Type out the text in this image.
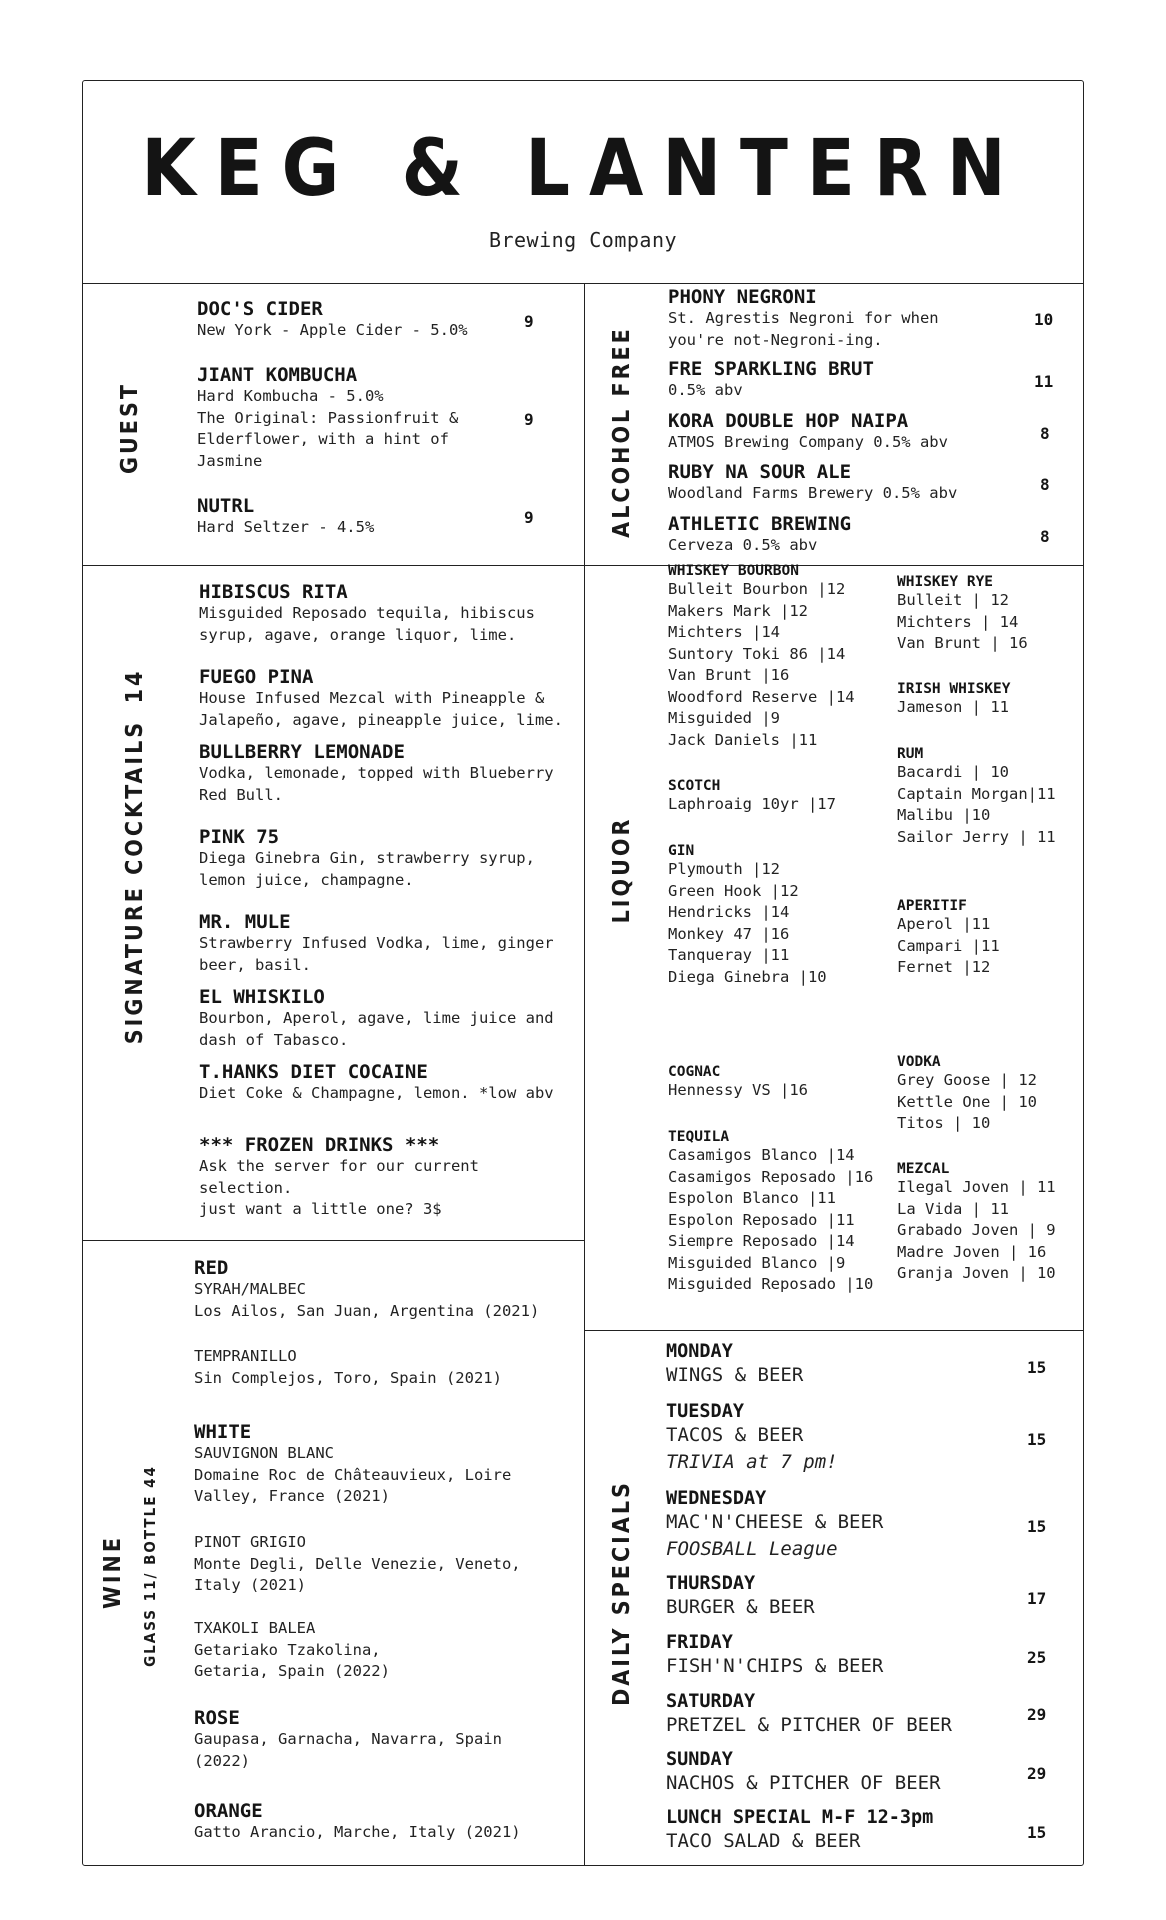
KEG & LANTERN
Brewing Company
GUEST
DOC'S CIDER
New York - Apple Cider - 5.0%	9
JIANT KOMBUCHA
Hard Kombucha - 5.0%
The Original: Passionfruit &
Elderflower, with a hint of
Jasmine
9
NUTRL
Hard Seltzer - 4.5%	9	ALCOHOL FREE
PHONY NEGRONI
St. Agrestis Negroni for when
you're not-Negroni-ing.
10
FRE SPARKLING BRUT
0.5% abv	11
KORA DOUBLE HOP NAIPA
ATMOS Brewing Company 0.5% abv	8
RUBY NA SOUR ALE
Woodland Farms Brewery 0.5% abv	8
ATHLETIC BREWING
Cerveza 0.5% abv	8
SIGNATURE COCKTAILS
14
HIBISCUS RITA
Misguided Reposado tequila, hibiscus
syrup, agave, orange liquor, lime.
FUEGO PINA
House Infused Mezcal with Pineapple &
Jalapeño, agave, pineapple juice, lime.
BULLBERRY LEMONADE
Vodka, lemonade, topped with Blueberry
Red Bull.
PINK 75
Diega Ginebra Gin, strawberry syrup,
lemon juice, champagne.
MR. MULE
Strawberry Infused Vodka, lime, ginger
beer, basil.
EL WHISKILO
Bourbon, Aperol, agave, lime juice and
dash of Tabasco.
T.HANKS DIET COCAINE
Diet Coke & Champagne, lemon. *low abv
*** FROZEN DRINKS ***
Ask the server for our current
selection.
just want a little one? 3$
LIQUOR
WHISKEY BOURBON
Bulleit Bourbon |12
Makers Mark |12
Michters |14
Suntory Toki 86 |14
Van Brunt |16
Woodford Reserve |14
Misguided |9
Jack Daniels |11
SCOTCH
Laphroaig 10yr |17
GIN
Plymouth |12
Green Hook |12
Hendricks |14
Monkey 47 |16
Tanqueray |11
Diega Ginebra |10
COGNAC
Hennessy VS |16
TEQUILA
Casamigos Blanco |14
Casamigos Reposado |16
Espolon Blanco |11
Espolon Reposado |11
Siempre Reposado |14
Misguided Blanco |9
Misguided Reposado |10
WHISKEY RYE
Bulleit | 12
Michters | 14
Van Brunt | 16
IRISH WHISKEY
Jameson | 11
RUM
Bacardi | 10
Captain Morgan|11
Malibu |10
Sailor Jerry | 11
APERITIF
Aperol |11
Campari |11
Fernet |12
VODKA
Grey Goose | 12
Kettle One | 10
Titos | 10
MEZCAL
Ilegal Joven | 11
La Vida | 11
Grabado Joven | 9
Madre Joven | 16
Granja Joven | 10
WINE GLASS 11/ BOTTLE 44
RED
SYRAH/MALBEC
Los Ailos, San Juan, Argentina (2021)
TEMPRANILLO
Sin Complejos, Toro, Spain (2021)
WHITE
SAUVIGNON BLANC
Domaine Roc de Châteauvieux, Loire
Valley, France (2021)
PINOT GRIGIO
Monte Degli, Delle Venezie, Veneto,
Italy (2021)
TXAKOLI BALEA
Getariako Tzakolina,
Getaria, Spain (2022)
ROSE
Gaupasa, Garnacha, Navarra, Spain
(2022)
ORANGE
Gatto Arancio, Marche, Italy (2021)
DAILY SPECIALS
MONDAY
WINGS & BEER	15
TUESDAY
TACOS & BEER
TRIVIA at 7 pm!
15
WEDNESDAY
MAC'N'CHEESE & BEER
FOOSBALL League
15
THURSDAY
BURGER & BEER	17
FRIDAY
FISH'N'CHIPS & BEER	25
SATURDAY
PRETZEL & PITCHER OF BEER	29
SUNDAY
NACHOS & PITCHER OF BEER	29
LUNCH SPECIAL M-F 12-3pm
TACO SALAD & BEER	15
